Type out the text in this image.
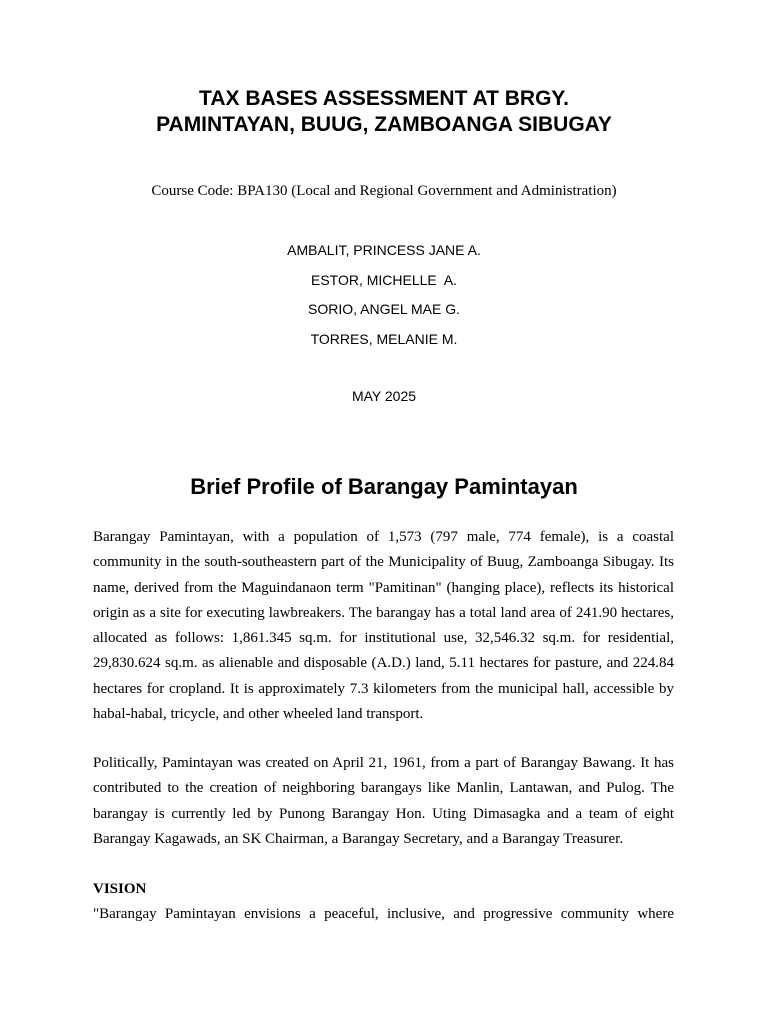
TAX BASES ASSESSMENT AT BRGY.
PAMINTAYAN, BUUG, ZAMBOANGA SIBUGAY
Course Code: BPA130 (Local and Regional Government and Administration)
AMBALIT, PRINCESS JANE A.
ESTOR, MICHELLE  A.
SORIO, ANGEL MAE G.
TORRES, MELANIE M.
MAY 2025
Brief Profile of Barangay Pamintayan

Barangay Pamintayan, with a population of 1,573 (797 male, 774 female), is a coastal community in the south-southeastern part of the Municipality of Buug, Zamboanga Sibugay. Its name, derived from the Maguindanaon term "Pamitinan" (hanging place), reflects its historical origin as a site for executing lawbreakers. The barangay has a total land area of 241.90 hectares, allocated as follows: 1,861.345 sq.m. for institutional use, 32,546.32 sq.m. for residential, 29,830.624 sq.m. as alienable and disposable (A.D.) land, 5.11 hectares for pasture, and 224.84 hectares for cropland. It is approximately 7.3 kilometers from the municipal hall, accessible by habal-habal, tricycle, and other wheeled land transport.

Politically, Pamintayan was created on April 21, 1961, from a part of Barangay Bawang. It has contributed to the creation of neighboring barangays like Manlin, Lantawan, and Pulog. The barangay is currently led by Punong Barangay Hon. Uting Dimasagka and a team of eight Barangay Kagawads, an SK Chairman, a Barangay Secretary, and a Barangay Treasurer.

VISION
"Barangay Pamintayan envisions a peaceful, inclusive, and progressive community where
